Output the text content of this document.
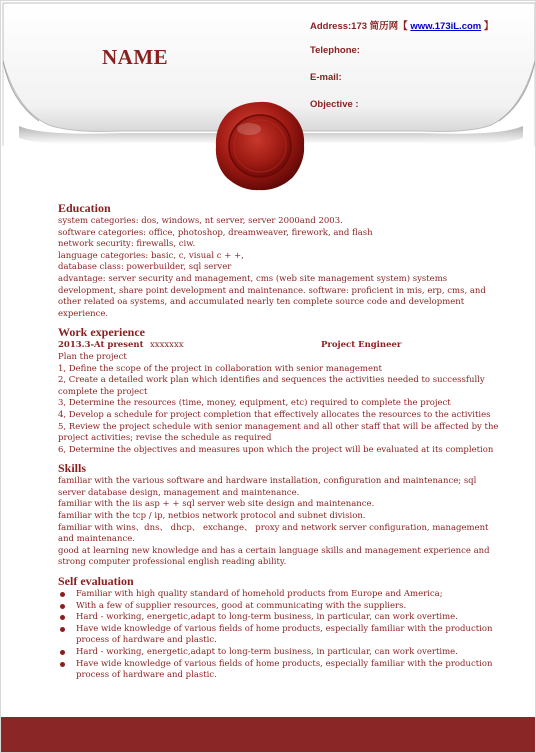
NAME
Address:173 简历网【 www.173iL.com 】
Telephone:
E-mail:
Objective :
Education
system categories: dos, windows, nt server, server 2000and 2003.
software categories: office, photoshop, dreamweaver, firework, and flash
network security: firewalls, ciw.
language categories: basic, c, visual c + +,
database class: powerbuilder, sql server
advantage: server security and management, cms (web site management system) systems development, share point development and maintenance. software: proficient in mis, erp, cms, and other related oa systems, and accumulated nearly ten complete source code and development experience.
Work experience
2013.3-At present xxxxxxx	Project Engineer
Plan the project
1, Define the scope of the project in collaboration with senior management
2, Create a detailed work plan which identifies and sequences the activities needed to successfully complete the project
3, Determine the resources (time, money, equipment, etc) required to complete the project
4, Develop a schedule for project completion that effectively allocates the resources to the activities
5, Review the project schedule with senior management and all other staff that will be affected by the project activities; revise the schedule as required
6, Determine the objectives and measures upon which the project will be evaluated at its completion
Skills
familiar with the various software and hardware installation, configuration and maintenance; sql server database design, management and maintenance.
familiar with the iis asp + + sql server web site design and maintenance.
familiar with the tcp / ip, netbios network protocol and subnet division.
familiar with wins、dns、 dhcp、 exchange、 proxy and network server configuration, management and maintenance.
good at learning new knowledge and has a certain language skills and management experience and strong computer professional english reading ability.
Self evaluation
Familiar with high quality standard of homehold products from Europe and America;
With a few of supplier resources, good at communicating with the suppliers.
Hard - working, energetic,adapt to long-term business, in particular, can work overtime.
Have wide knowledge of various fields of home products, especially familiar with the production process of hardware and plastic.
Hard - working, energetic,adapt to long-term business, in particular, can work overtime.
Have wide knowledge of various fields of home products, especially familiar with the production process of hardware and plastic.
